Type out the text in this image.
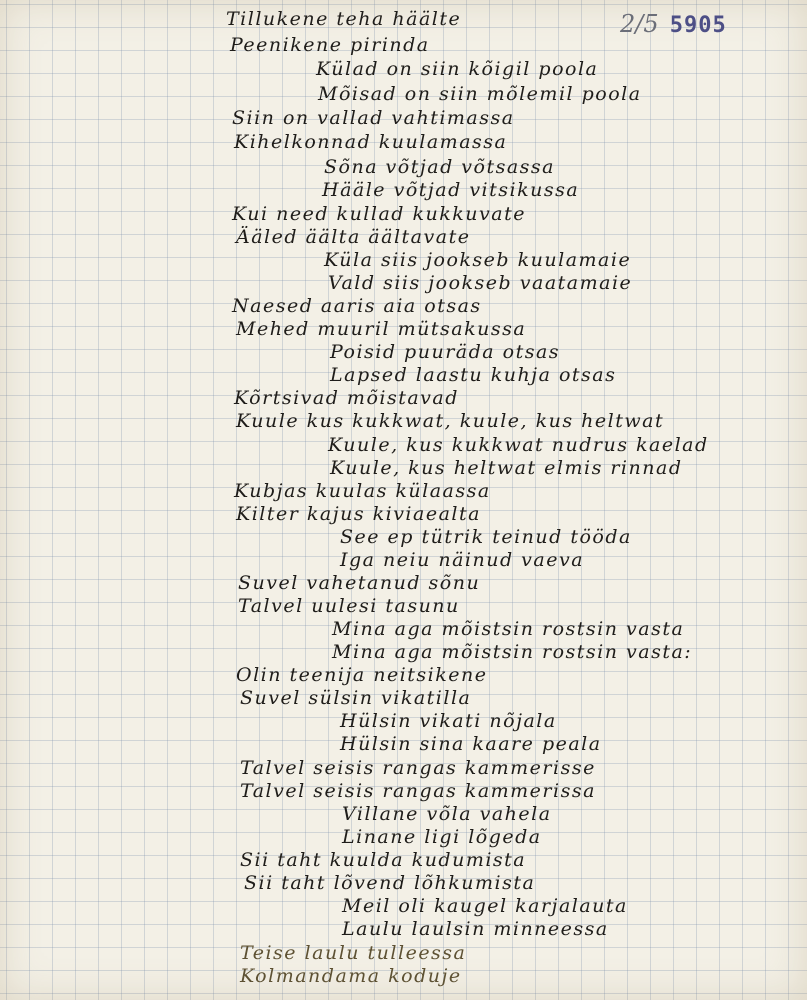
2/5 5905
Tillukene teha häälte
Peenikene pirinda
Külad on siin kõigil poola
Mõisad on siin mõlemil poola
Siin on vallad vahtimassa
Kihelkonnad kuulamassa
Sõna võtjad võtsassa
Hääle võtjad vitsikussa
Kui need kullad kukkuvate
Ääled äälta äältavate
Küla siis jookseb kuulamaie
Vald siis jookseb vaatamaie
Naesed aaris aia otsas
Mehed muuril mütsakussa
Poisid puuräda otsas
Lapsed laastu kuhja otsas
Kõrtsivad mõistavad
Kuule kus kukkwat, kuule, kus heltwat
Kuule, kus kukkwat nudrus kaelad
Kuule, kus heltwat elmis rinnad
Kubjas kuulas külaassa
Kilter kajus kiviaealta
See ep tütrik teinud tööda
Iga neiu näinud vaeva
Suvel vahetanud sõnu
Talvel uulesi tasunu
Mina aga mõistsin rostsin vasta
Mina aga mõistsin rostsin vasta:
Olin teenija neitsikene
Suvel sülsin vikatilla
Hülsin vikati nõjala
Hülsin sina kaare peala
Talvel seisis rangas kammerisse
Talvel seisis rangas kammerissa
Villane võla vahela
Linane ligi lõgeda
Sii taht kuulda kudumista
Sii taht lõvend lõhkumista
Meil oli kaugel karjalauta
Laulu laulsin minneessa
Teise laulu tulleessa
Kolmandama koduje
